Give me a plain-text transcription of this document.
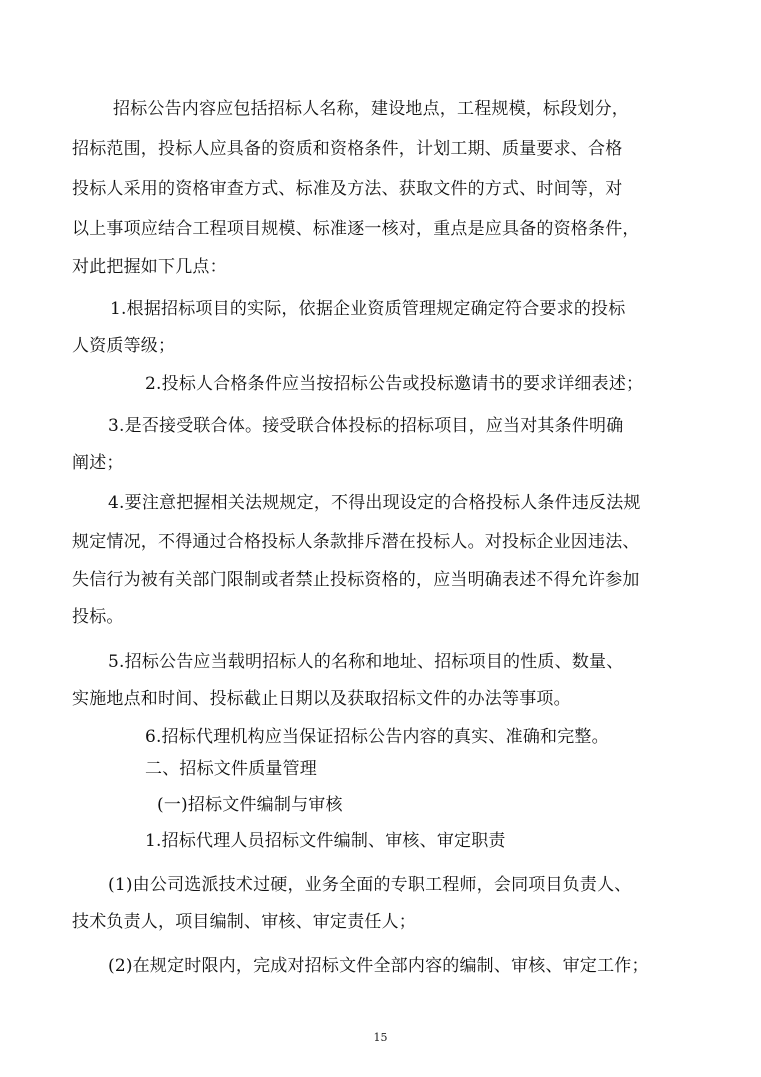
招标公告内容应包括招标人名称，建设地点，工程规模，标段划分，
招标范围，投标人应具备的资质和资格条件，计划工期、质量要求、合格
投标人采用的资格审查方式、标准及方法、获取文件的方式、时间等，对
以上事项应结合工程项目规模、标准逐一核对，重点是应具备的资格条件，
对此把握如下几点：
1.根据招标项目的实际，依据企业资质管理规定确定符合要求的投标
人资质等级；
2.投标人合格条件应当按招标公告或投标邀请书的要求详细表述；
3.是否接受联合体。接受联合体投标的招标项目，应当对其条件明确
阐述；
4.要注意把握相关法规规定，不得出现设定的合格投标人条件违反法规
规定情况，不得通过合格投标人条款排斥潜在投标人。对投标企业因违法、
失信行为被有关部门限制或者禁止投标资格的，应当明确表述不得允许参加
投标。
5.招标公告应当载明招标人的名称和地址、招标项目的性质、数量、
实施地点和时间、投标截止日期以及获取招标文件的办法等事项。
6.招标代理机构应当保证招标公告内容的真实、准确和完整。
二、招标文件质量管理
(一)招标文件编制与审核
1.招标代理人员招标文件编制、审核、审定职责
(1)由公司选派技术过硬，业务全面的专职工程师，会同项目负责人、
技术负责人，项目编制、审核、审定责任人；
(2)在规定时限内，完成对招标文件全部内容的编制、审核、审定工作；
15
